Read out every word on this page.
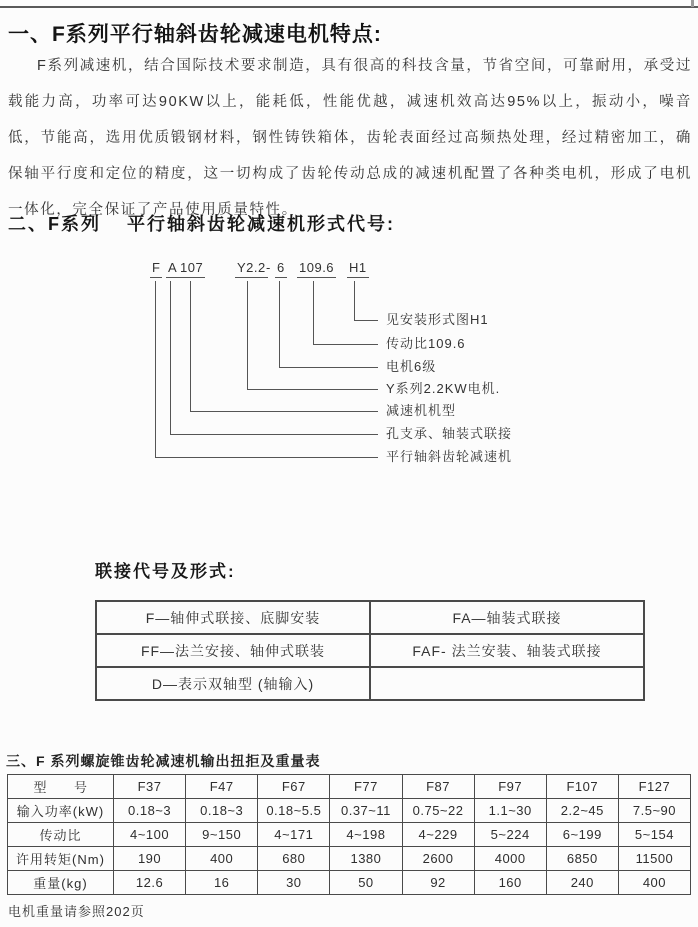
一、F系列平行轴斜齿轮减速电机特点:
F系列减速机，结合国际技术要求制造，具有很高的科技含量，节省空间，可靠耐用，承受过载能力高，功率可达90KW以上，能耗低，性能优越，减速机效高达95%以上，振动小，噪音低，节能高，选用优质锻钢材料，钢性铸铁箱体，齿轮表面经过高频热处理，经过精密加工，确保轴平行度和定位的精度，这一切构成了齿轮传动总成的减速机配置了各种类电机，形成了电机一体化，完全保证了产品使用质量特性。
二、F系列 平行轴斜齿轮减速机形式代号:
-
F
平行轴斜齿轮减速机
A
孔支承、轴装式联接
107
减速机机型
Y2.2
Y系列2.2KW电机.
6
电机6级
109.6
传动比109.6
H1
见安装形式图H1
联接代号及形式:
F—轴伸式联接、底脚安装	FA—轴装式联接
FF—法兰安接、轴伸式联装	FAF- 法兰安装、轴装式联接
D—表示双轴型 (轴输入)	
三、F 系列螺旋锥齿轮减速机输出扭拒及重量表
型　　号	F37	F47	F67	F77	F87	F97	F107	F127
输入功率(kW)	0.18~3	0.18~3	0.18~5.5	0.37~11	0.75~22	1.1~30	2.2~45	7.5~90
传动比	4~100	9~150	4~171	4~198	4~229	5~224	6~199	5~154
许用转矩(Nm)	190	400	680	1380	2600	4000	6850	11500
重量(kg)	12.6	16	30	50	92	160	240	400
电机重量请参照202页
